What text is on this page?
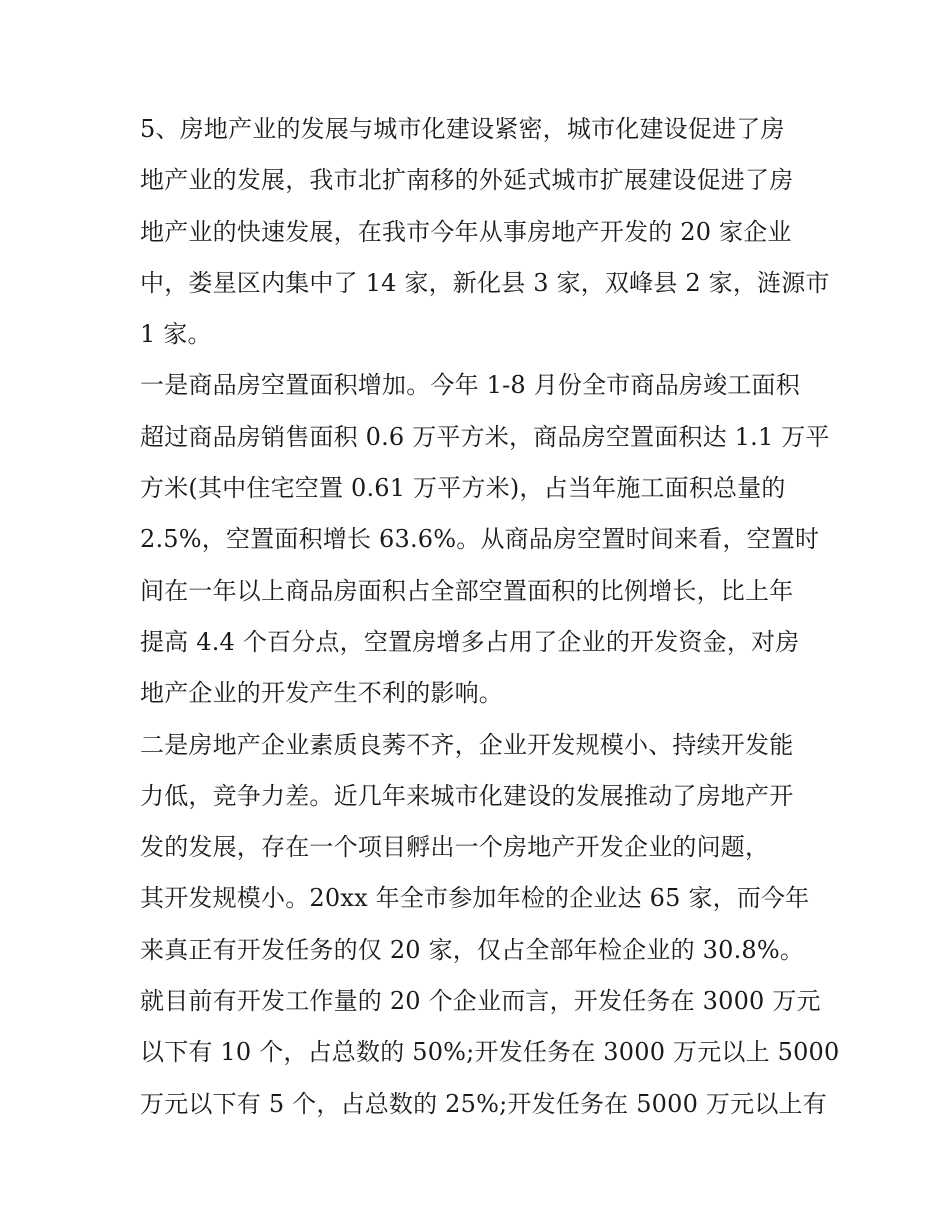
5、房地产业的发展与城市化建设紧密，城市化建设促进了房
地产业的发展，我市北扩南移的外延式城市扩展建设促进了房
地产业的快速发展，在我市今年从事房地产开发的 20 家企业
中，娄星区内集中了 14 家，新化县 3 家，双峰县 2 家，涟源市
1 家。
一是商品房空置面积增加。今年 1-8 月份全市商品房竣工面积
超过商品房销售面积 0.6 万平方米，商品房空置面积达 1.1 万平
方米(其中住宅空置 0.61 万平方米)，占当年施工面积总量的
2.5%，空置面积增长 63.6%。从商品房空置时间来看，空置时
间在一年以上商品房面积占全部空置面积的比例增长，比上年
提高 4.4 个百分点，空置房增多占用了企业的开发资金，对房
地产企业的开发产生不利的影响。
二是房地产企业素质良莠不齐，企业开发规模小、持续开发能
力低，竞争力差。近几年来城市化建设的发展推动了房地产开
发的发展，存在一个项目孵出一个房地产开发企业的问题，
其开发规模小。20xx 年全市参加年检的企业达 65 家，而今年
来真正有开发任务的仅 20 家，仅占全部年检企业的 30.8%。
就目前有开发工作量的 20 个企业而言，开发任务在 3000 万元
以下有 10 个，占总数的 50%;开发任务在 3000 万元以上 5000
万元以下有 5 个，占总数的 25%;开发任务在 5000 万元以上有
